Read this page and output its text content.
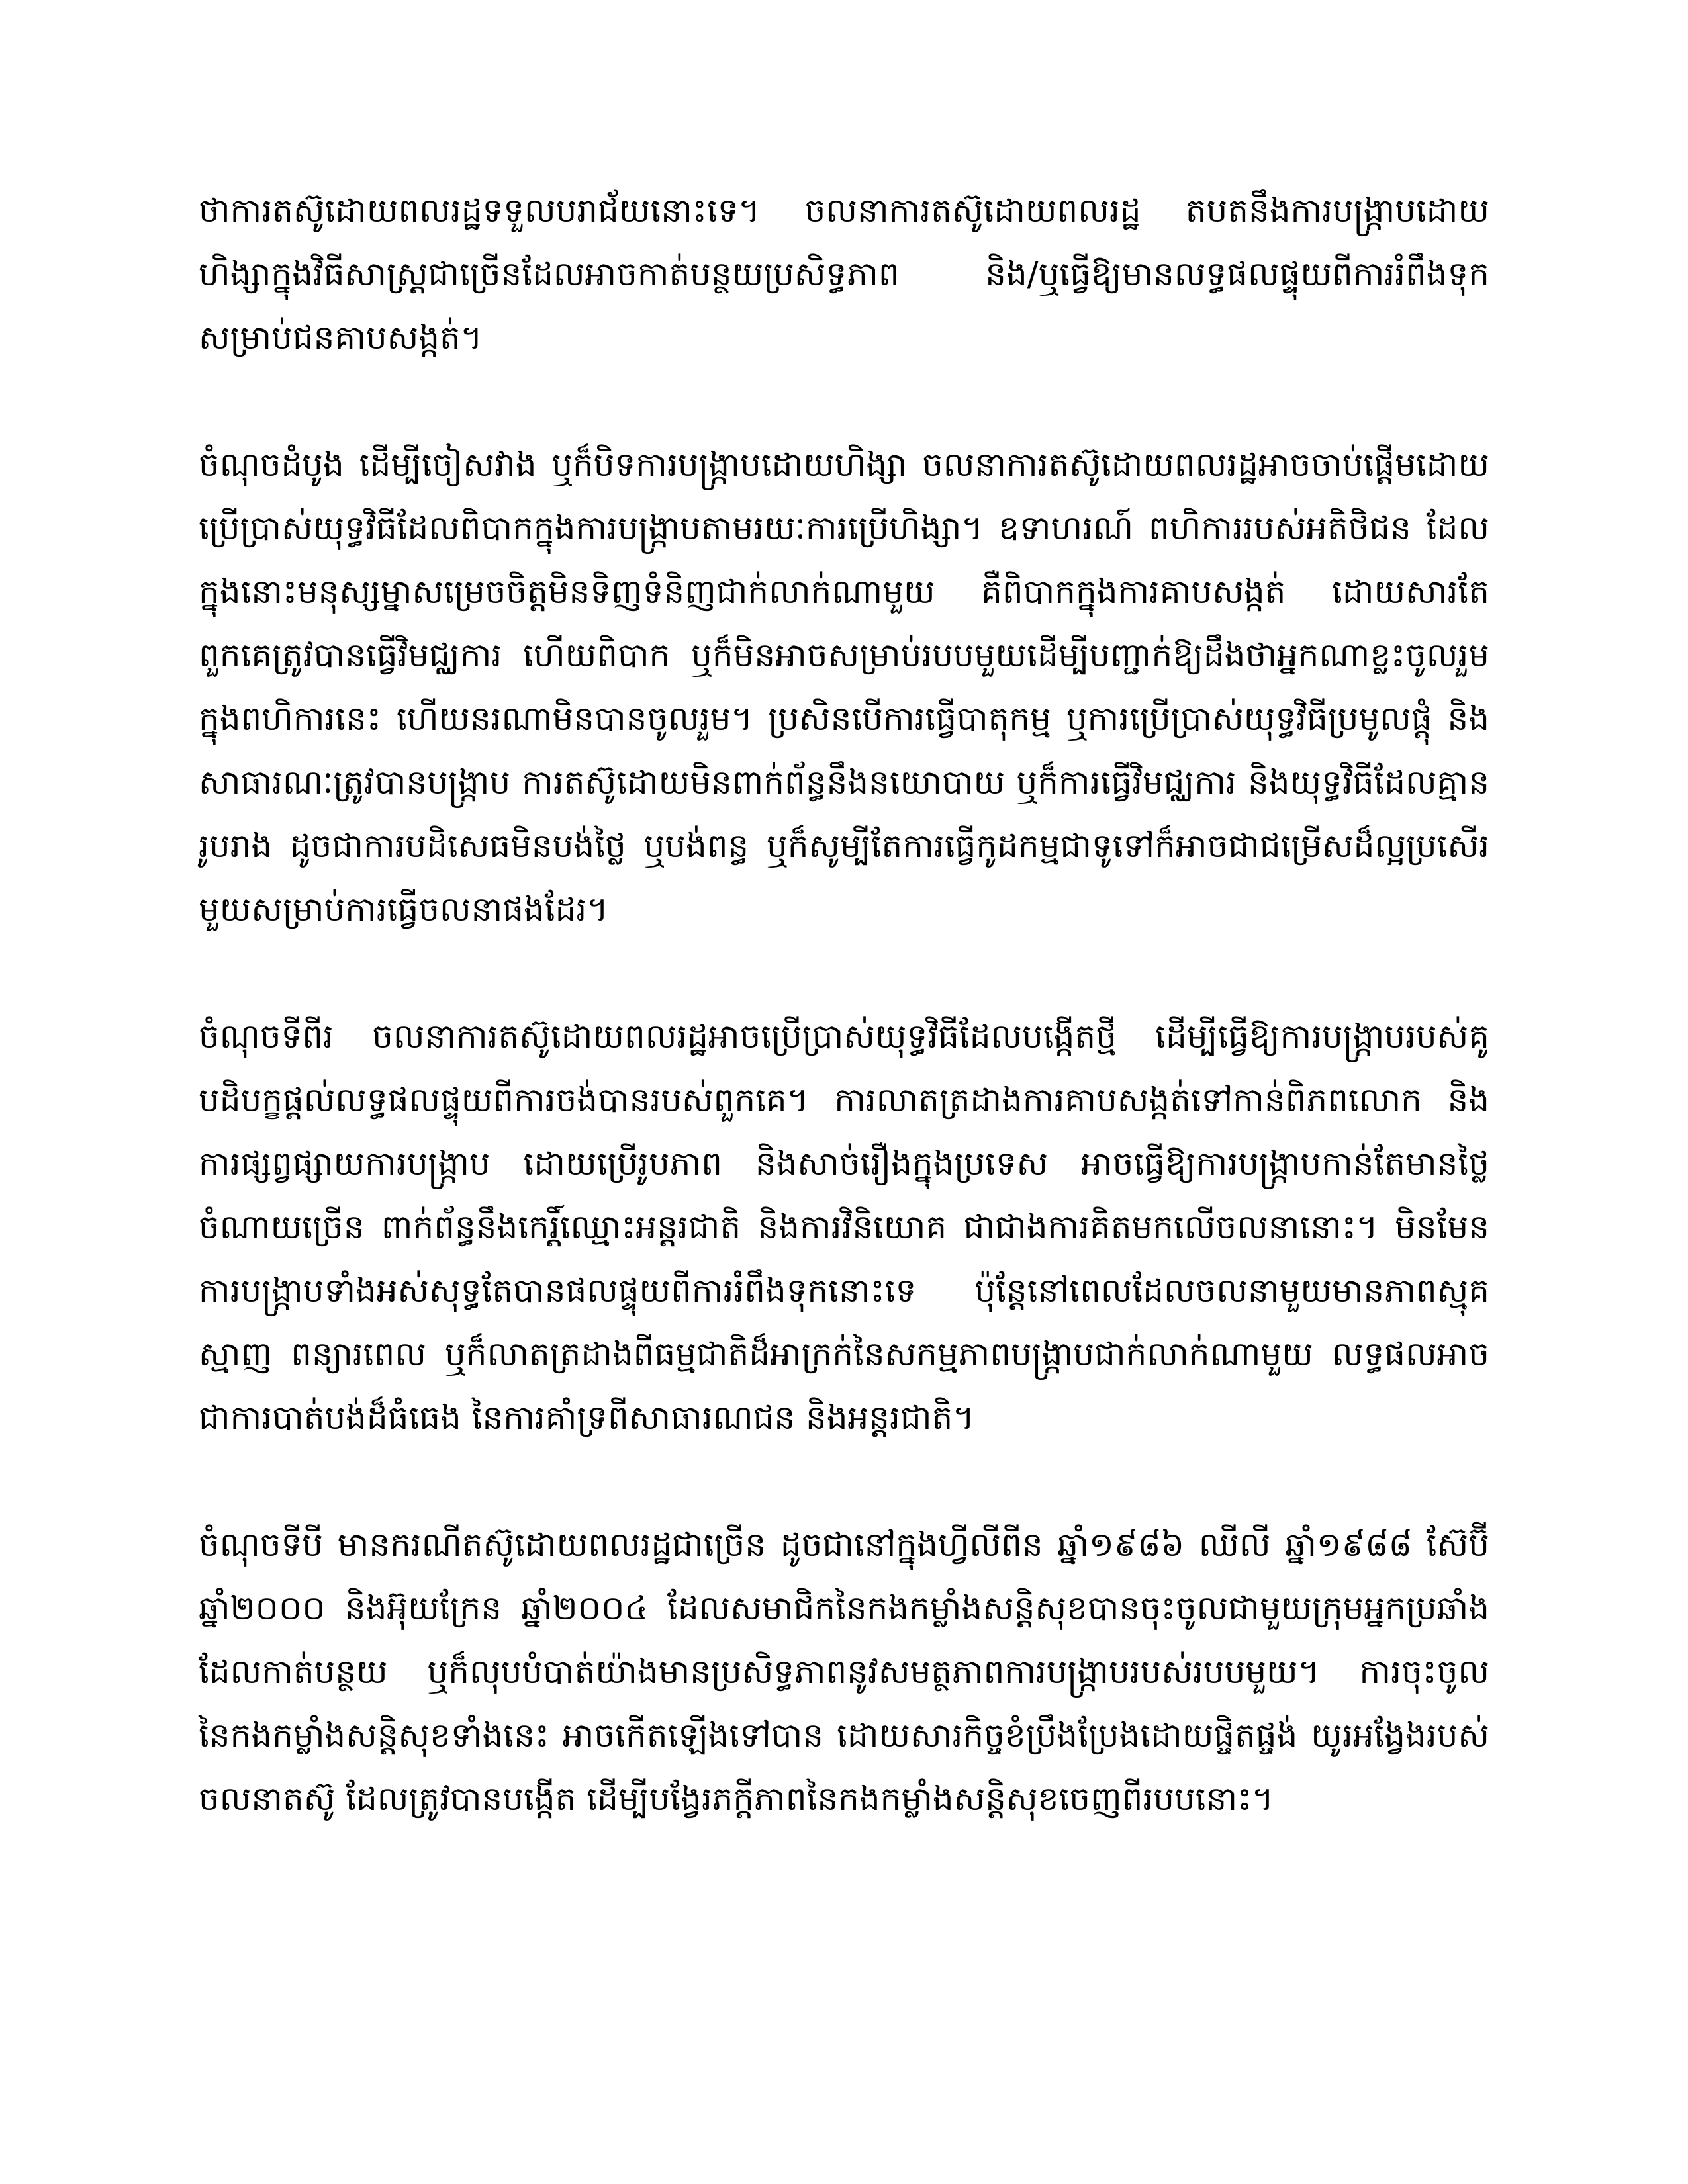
ថាការតស៊ូដោយពលរដ្ឋទទួលបរាជ័យនោះទេ។ ចលនាការតស៊ូដោយពលរដ្ឋ តបតនឹងការបង្ក្រាបដោយហិង្សាក្នុងវិធីសាស្រ្តជាច្រើនដែលអាចកាត់បន្ថយប្រសិទ្ធភាព និង/ឬធ្វើឱ្យមានលទ្ធផលផ្ទុយពីការរំពឹងទុកសម្រាប់ជនគាបសង្កត់។

ចំណុចដំបូង ដើម្បីចៀសវាង ឬក៏បិទការបង្ក្រាបដោយហិង្សា ចលនាការតស៊ូដោយពលរដ្ឋអាចចាប់ផ្តើមដោយប្រើប្រាស់យុទ្ធវិធីដែលពិបាកក្នុងការបង្ក្រាបតាមរយៈការប្រើហិង្សា។ ឧទាហរណ៍ ពហិការរបស់អតិថិជន ដែលក្នុងនោះមនុស្សម្នាសម្រេចចិត្តមិនទិញទំនិញជាក់លាក់ណាមួយ គឺពិបាកក្នុងការគាបសង្កត់ ដោយសារតែពួកគេត្រូវបានធ្វើវិមជ្ឈការ ហើយពិបាក ឬក៏មិនអាចសម្រាប់របបមួយដើម្បីបញ្ជាក់ឱ្យដឹងថាអ្នកណាខ្លះចូលរួមក្នុងពហិការនេះ ហើយនរណាមិនបានចូលរួម។ ប្រសិនបើការធ្វើបាតុកម្ម ឬការប្រើប្រាស់យុទ្ធវិធីប្រមូលផ្តុំ និងសាធារណៈត្រូវបានបង្ក្រាប ការតស៊ូដោយមិនពាក់ព័ន្ធនឹងនយោបាយ ឬក៏ការធ្វើវិមជ្ឈការ និងយុទ្ធវិធីដែលគ្មានរូបរាង ដូចជាការបដិសេធមិនបង់ថ្លៃ ឬបង់ពន្ធ ឬក៏សូម្បីតែការធ្វើកូដកម្មជាទូទៅក៏អាចជាជម្រើសដ៏ល្អប្រសើរមួយសម្រាប់ការធ្វើចលនាផងដែរ។

ចំណុចទីពីរ ចលនាការតស៊ូដោយពលរដ្ឋអាចប្រើប្រាស់យុទ្ធវិធីដែលបង្កើតថ្មី ដើម្បីធ្វើឱ្យការបង្ក្រាបរបស់គូបដិបក្ខផ្តល់លទ្ធផលផ្ទុយពីការចង់បានរបស់ពួកគេ។ ការលាតត្រដាងការគាបសង្កត់ទៅកាន់ពិភពលោក និងការផ្សព្វផ្សាយការបង្ក្រាប ដោយប្រើរូបភាព និងសាច់រឿងក្នុងប្រទេស អាចធ្វើឱ្យការបង្ក្រាបកាន់តែមានថ្លៃចំណាយច្រើន ពាក់ព័ន្ធនឹងកេរ្តិ៍ឈ្មោះអន្តរជាតិ និងការវិនិយោគ ជាជាងការគិតមកលើចលនានោះ។ មិនមែនការបង្ក្រាបទាំងអស់សុទ្ធតែបានផលផ្ទុយពីការរំពឹងទុកនោះទេ ប៉ុន្តែនៅពេលដែលចលនាមួយមានភាពស្មុគស្មាញ ពន្យារពេល ឬក៏លាតត្រដាងពីធម្មជាតិដ៏អាក្រក់នៃសកម្មភាពបង្ក្រាបជាក់លាក់ណាមួយ លទ្ធផលអាចជាការបាត់បង់ដ៏ធំធេង នៃការគាំទ្រពីសាធារណជន និងអន្តរជាតិ។

ចំណុចទីបី មានករណីតស៊ូដោយពលរដ្ឋជាច្រើន ដូចជានៅក្នុងហ្វីលីពីន ឆ្នាំ១៩៨៦ ឈីលី ឆ្នាំ១៩៨៨ ស៊ែប៊ី ឆ្នាំ២០០០ និងអ៊ុយក្រែន ឆ្នាំ២០០៤ ដែលសមាជិកនៃកងកម្លាំងសន្តិសុខបានចុះចូលជាមួយក្រុមអ្នកប្រឆាំង ដែលកាត់បន្ថយ ឬក៏លុបបំបាត់យ៉ាងមានប្រសិទ្ធភាពនូវសមត្ថភាពការបង្ក្រាបរបស់របបមួយ។ ការចុះចូលនៃកងកម្លាំងសន្តិសុខទាំងនេះ អាចកើតឡើងទៅបាន ដោយសារកិច្ចខំប្រឹងប្រែងដោយផ្ចិតផ្ចង់ យូរអង្វែងរបស់ចលនាតស៊ូ ដែលត្រូវបានបង្កើត ដើម្បីបង្វែរភក្តីភាពនៃកងកម្លាំងសន្តិសុខចេញពីរបបនោះ។
